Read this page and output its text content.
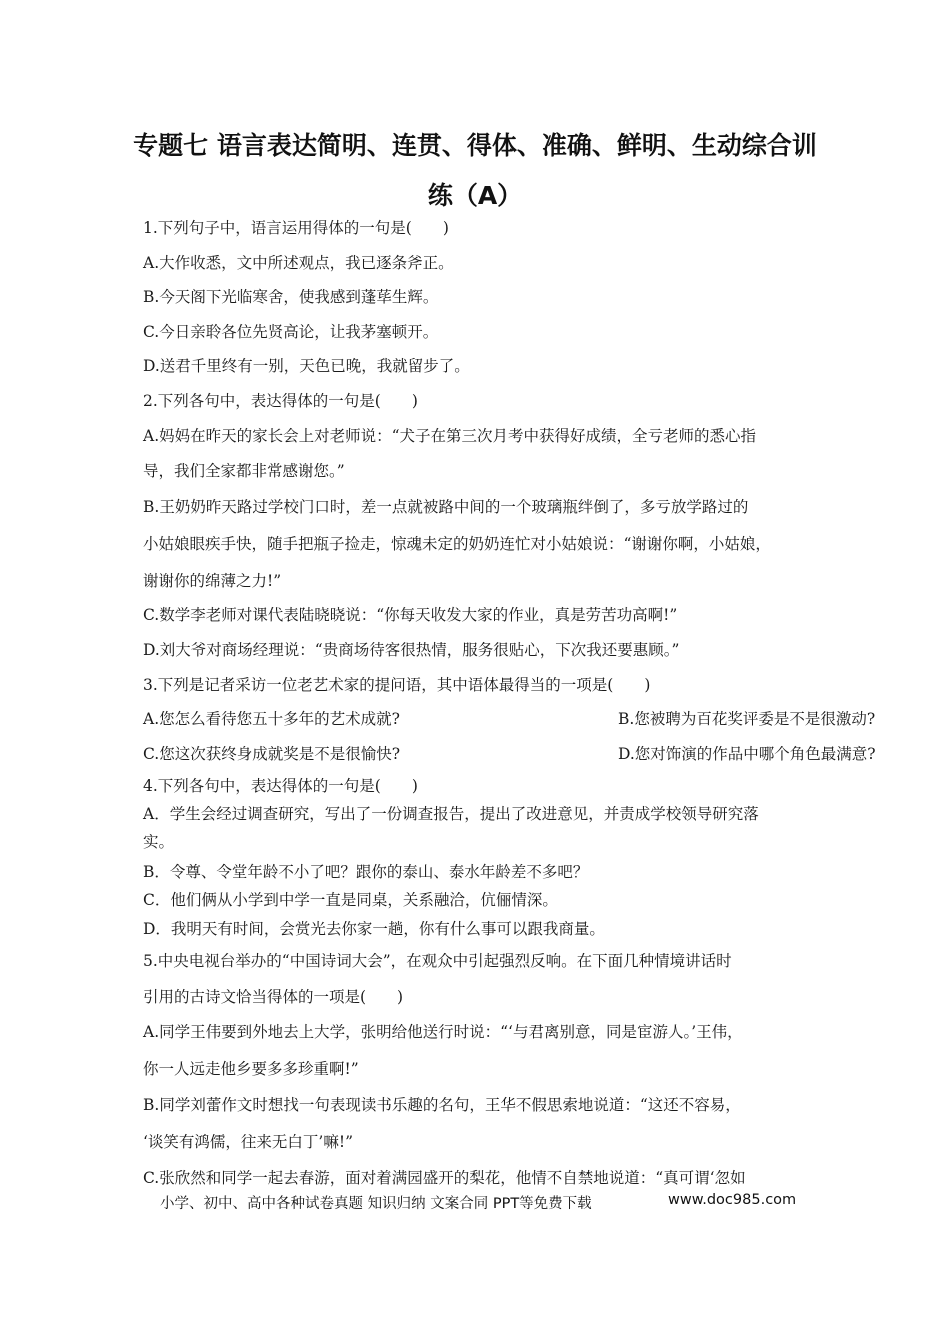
专题七 语言表达简明、连贯、得体、准确、鲜明、生动综合训
练（A）
1.下列句子中，语言运用得体的一句是(　　)
A.大作收悉，文中所述观点，我已逐条斧正。
B.今天阁下光临寒舍，使我感到蓬荜生辉。
C.今日亲聆各位先贤高论，让我茅塞顿开。
D.送君千里终有一别，天色已晚，我就留步了。
2.下列各句中，表达得体的一句是(　　)
A.妈妈在昨天的家长会上对老师说：“犬子在第三次月考中获得好成绩，全亏老师的悉心指
导，我们全家都非常感谢您。”
B.王奶奶昨天路过学校门口时，差一点就被路中间的一个玻璃瓶绊倒了，多亏放学路过的
小姑娘眼疾手快，随手把瓶子捡走，惊魂未定的奶奶连忙对小姑娘说：“谢谢你啊，小姑娘，
谢谢你的绵薄之力!”
C.数学李老师对课代表陆晓晓说：“你每天收发大家的作业，真是劳苦功高啊!”
D.刘大爷对商场经理说：“贵商场待客很热情，服务很贴心，下次我还要惠顾。”
3.下列是记者采访一位老艺术家的提问语，其中语体最得当的一项是(　　)
A.您怎么看待您五十多年的艺术成就?	B.您被聘为百花奖评委是不是很激动?
C.您这次获终身成就奖是不是很愉快?	D.您对饰演的作品中哪个角色最满意?
4.下列各句中，表达得体的一句是(　　)
A．学生会经过调查研究，写出了一份调查报告，提出了改进意见，并责成学校领导研究落
实。
B．令尊、令堂年龄不小了吧？跟你的泰山、泰水年龄差不多吧？
C．他们俩从小学到中学一直是同桌，关系融洽，伉俪情深。
D．我明天有时间，会赏光去你家一趟，你有什么事可以跟我商量。
5.中央电视台举办的“中国诗词大会”，在观众中引起强烈反响。在下面几种情境讲话时
引用的古诗文恰当得体的一项是(　　)
A.同学王伟要到外地去上大学，张明给他送行时说：“‘与君离别意，同是宦游人。’王伟，
你一人远走他乡要多多珍重啊!”
B.同学刘蕾作文时想找一句表现读书乐趣的名句，王华不假思索地说道：“这还不容易，
‘谈笑有鸿儒，往来无白丁’嘛!”
C.张欣然和同学一起去春游，面对着满园盛开的梨花，他情不自禁地说道：“真可谓‘忽如
小学、初中、高中各种试卷真题 知识归纳 文案合同 PPT等免费下载	www.doc985.com
